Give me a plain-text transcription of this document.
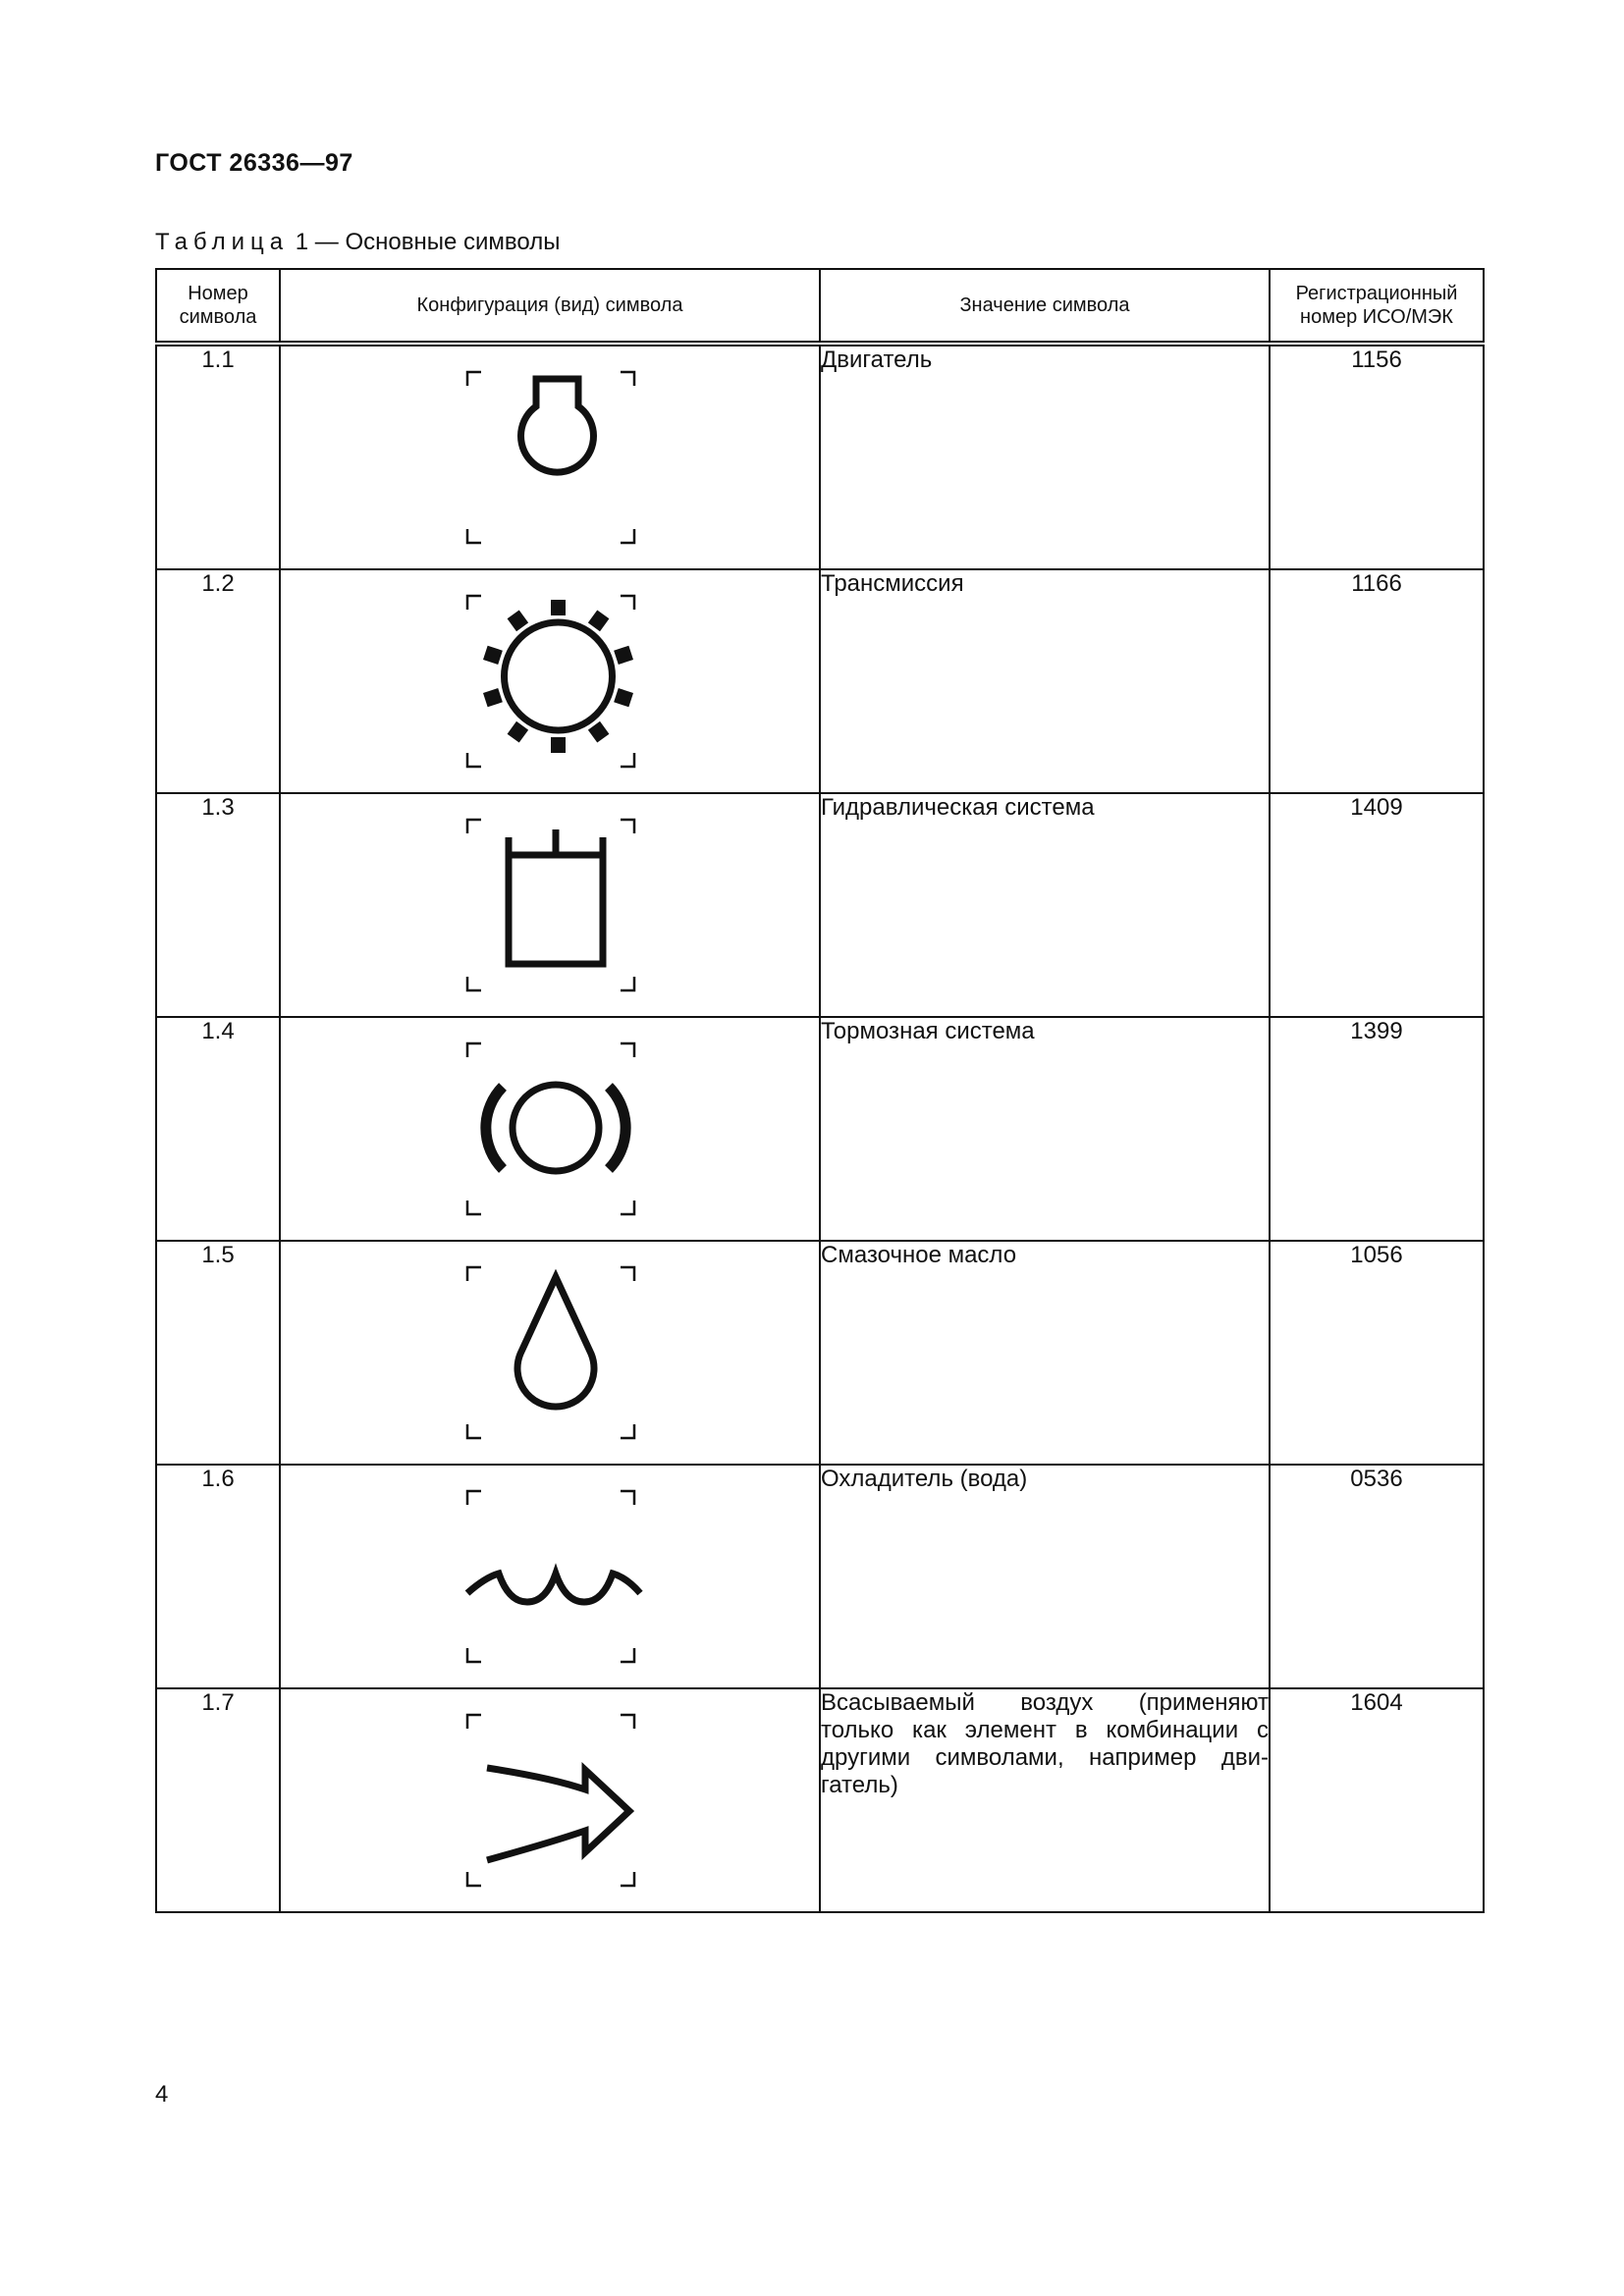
ГОСТ 26336—97
Таблица 1 — Основные символы
Номер символа	Конфигурация (вид) символа	Значение символа	Регистрационный номер ИСО/МЭК
1.1		Двигатель	1156
1.2		Трансмиссия	1166
1.3		Гидравлическая система	1409
1.4		Тормозная система	1399
1.5		Смазочное масло	1056
1.6		Охладитель (вода)	0536
1.7		Всасываемый воздух (применяют только как элемент в комбинации с другими символами, например двигатель)	1604
4
